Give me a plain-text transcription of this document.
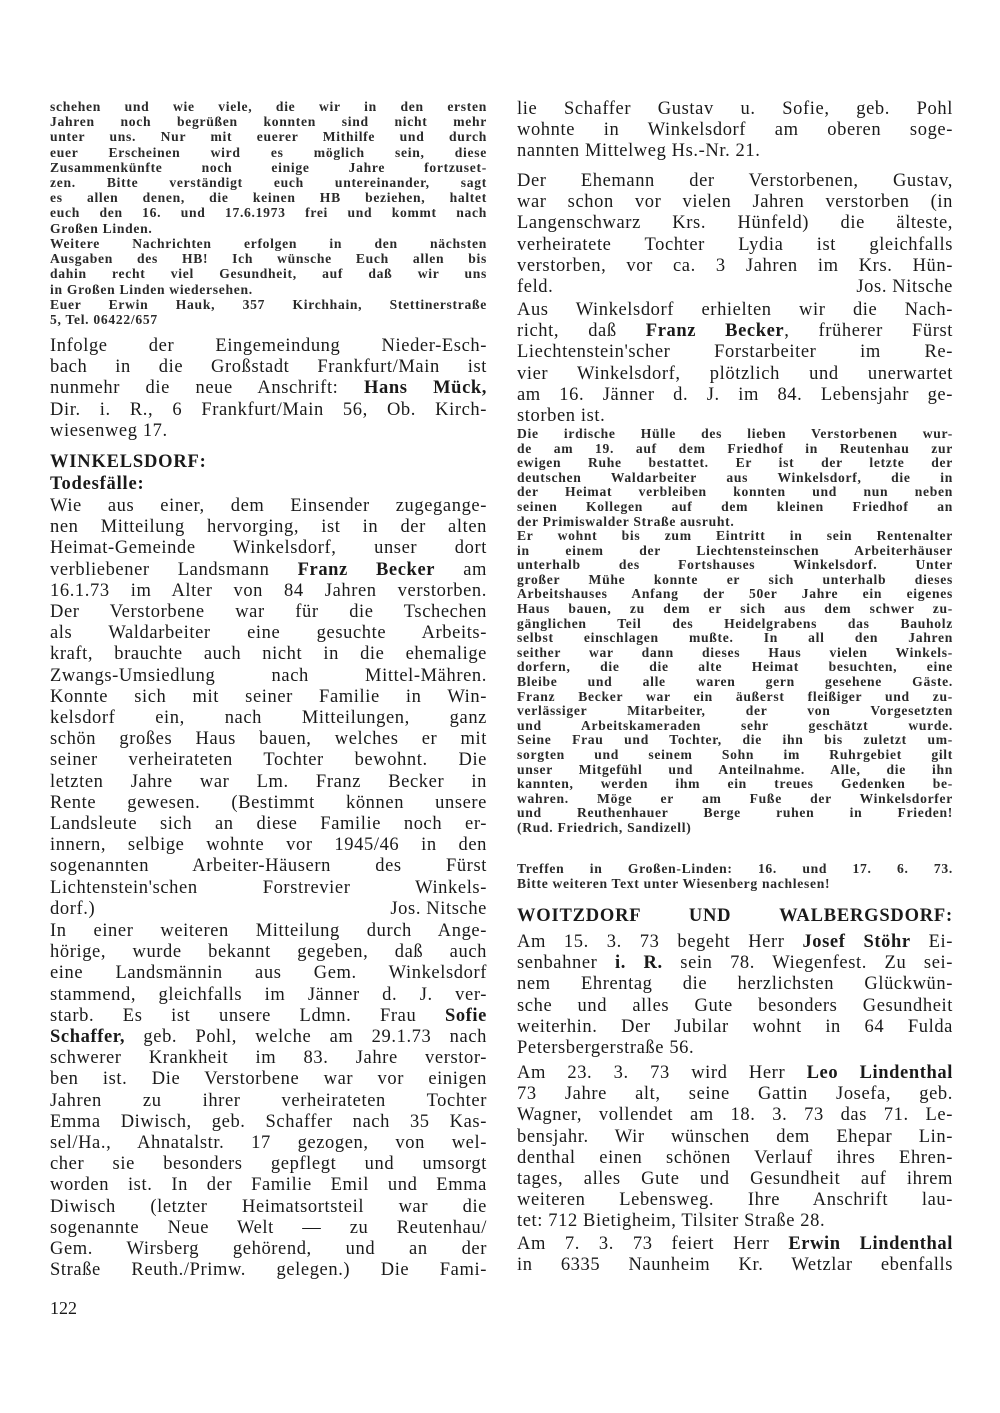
schehen und wie viele, die wir in den ersten
Jahren noch begrüßen konnten sind nicht mehr
unter uns. Nur mit euerer Mithilfe und durch
euer Erscheinen wird es möglich sein, diese
Zusammenkünfte noch einige Jahre fortzuset-
zen. Bitte verständigt euch untereinander, sagt
es allen denen, die keinen HB beziehen, haltet
euch den 16. und 17.6.1973 frei und kommt nach
Großen Linden.
Weitere Nachrichten erfolgen in den nächsten
Ausgaben des HB! Ich wünsche Euch allen bis
dahin recht viel Gesundheit, auf daß wir uns
in Großen Linden wiedersehen.
Euer Erwin Hauk, 357 Kirchhain, Stettinerstraße
5, Tel. 06422/657
Infolge der Eingemeindung Nieder-Esch-
bach in die Großstadt Frankfurt/Main ist
nunmehr die neue Anschrift: Hans Mück,
Dir. i. R., 6 Frankfurt/Main 56, Ob. Kirch-
wiesenweg 17.
WINKELSDORF:
Todesfälle:
Wie aus einer, dem Einsender zugegange-
nen Mitteilung hervorging, ist in der alten
Heimat-Gemeinde Winkelsdorf, unser dort
verbliebener Landsmann Franz Becker am
16.1.73 im Alter von 84 Jahren verstorben.
Der Verstorbene war für die Tschechen
als Waldarbeiter eine gesuchte Arbeits-
kraft, brauchte auch nicht in die ehemalige
Zwangs-Umsiedlung nach Mittel-Mähren.
Konnte sich mit seiner Familie in Win-
kelsdorf ein, nach Mitteilungen, ganz
schön großes Haus bauen, welches er mit
seiner verheirateten Tochter bewohnt. Die
letzten Jahre war Lm. Franz Becker in
Rente gewesen. (Bestimmt können unsere
Landsleute sich an diese Familie noch er-
innern, selbige wohnte vor 1945/46 in den
sogenannten Arbeiter-Häusern des Fürst
Lichtenstein'schen Forstrevier Winkels-
dorf.)	Jos. Nitsche
In einer weiteren Mitteilung durch Ange-
hörige, wurde bekannt gegeben, daß auch
eine Landsmännin aus Gem. Winkelsdorf
stammend, gleichfalls im Jänner d. J. ver-
starb. Es ist unsere Ldmn. Frau Sofie
Schaffer, geb. Pohl, welche am 29.1.73 nach
schwerer Krankheit im 83. Jahre verstor-
ben ist. Die Verstorbene war vor einigen
Jahren zu ihrer verheirateten Tochter
Emma Diwisch, geb. Schaffer nach 35 Kas-
sel/Ha., Ahnatalstr. 17 gezogen, von wel-
cher sie besonders gepflegt und umsorgt
worden ist. In der Familie Emil und Emma
Diwisch (letzter Heimatsortsteil war die
sogenannte Neue Welt — zu Reutenhau/
Gem. Wirsberg gehörend, und an der
Straße Reuth./Primw. gelegen.) Die Fami-
122
lie Schaffer Gustav u. Sofie, geb. Pohl
wohnte in Winkelsdorf am oberen soge-
nannten Mittelweg Hs.-Nr. 21.
Der Ehemann der Verstorbenen, Gustav,
war schon vor vielen Jahren verstorben (in
Langenschwarz Krs. Hünfeld) die älteste,
verheiratete Tochter Lydia ist gleichfalls
verstorben, vor ca. 3 Jahren im Krs. Hün-
feld.	Jos. Nitsche
Aus Winkelsdorf erhielten wir die Nach-
richt, daß Franz Becker, früherer Fürst
Liechtenstein'scher Forstarbeiter im Re-
vier Winkelsdorf, plötzlich und unerwartet
am 16. Jänner d. J. im 84. Lebensjahr ge-
storben ist.
Die irdische Hülle des lieben Verstorbenen wur-
de am 19. auf dem Friedhof in Reutenhau zur
ewigen Ruhe bestattet. Er ist der letzte der
deutschen Waldarbeiter aus Winkelsdorf, die in
der Heimat verbleiben konnten und nun neben
seinen Kollegen auf dem kleinen Friedhof an
der Primiswalder Straße ausruht.
Er wohnt bis zum Eintritt in sein Rentenalter
in einem der Liechtensteinschen Arbeiterhäuser
unterhalb des Fortshauses Winkelsdorf. Unter
großer Mühe konnte er sich unterhalb dieses
Arbeitshauses Anfang der 50er Jahre ein eigenes
Haus bauen, zu dem er sich aus dem schwer zu-
gänglichen Teil des Heidelgrabens das Bauholz
selbst einschlagen mußte. In all den Jahren
seither war dann dieses Haus vielen Winkels-
dorfern, die die alte Heimat besuchten, eine
Bleibe und alle waren gern gesehene Gäste.
Franz Becker war ein äußerst fleißiger und zu-
verlässiger Mitarbeiter, der von Vorgesetzten
und Arbeitskameraden sehr geschätzt wurde.
Seine Frau und Tochter, die ihn bis zuletzt um-
sorgten und seinem Sohn im Ruhrgebiet gilt
unser Mitgefühl und Anteilnahme. Alle, die ihn
kannten, werden ihm ein treues Gedenken be-
wahren. Möge er am Fuße der Winkelsdorfer
und Reuthenhauer Berge ruhen in Frieden!
(Rud. Friedrich, Sandizell)
Treffen in Großen-Linden: 16. und 17. 6. 73.
Bitte weiteren Text unter Wiesenberg nachlesen!
WOITZDORF UND WALBERGSDORF:
Am 15. 3. 73 begeht Herr Josef Stöhr Ei-
senbahner i. R. sein 78. Wiegenfest. Zu sei-
nem Ehrentag die herzlichsten Glückwün-
sche und alles Gute besonders Gesundheit
weiterhin. Der Jubilar wohnt in 64 Fulda
Petersbergerstraße 56.
Am 23. 3. 73 wird Herr Leo Lindenthal
73 Jahre alt, seine Gattin Josefa, geb.
Wagner, vollendet am 18. 3. 73 das 71. Le-
bensjahr. Wir wünschen dem Ehepar Lin-
denthal einen schönen Verlauf ihres Ehren-
tages, alles Gute und Gesundheit auf ihrem
weiteren Lebensweg. Ihre Anschrift lau-
tet: 712 Bietigheim, Tilsiter Straße 28.
Am 7. 3. 73 feiert Herr Erwin Lindenthal
in 6335 Naunheim Kr. Wetzlar ebenfalls
